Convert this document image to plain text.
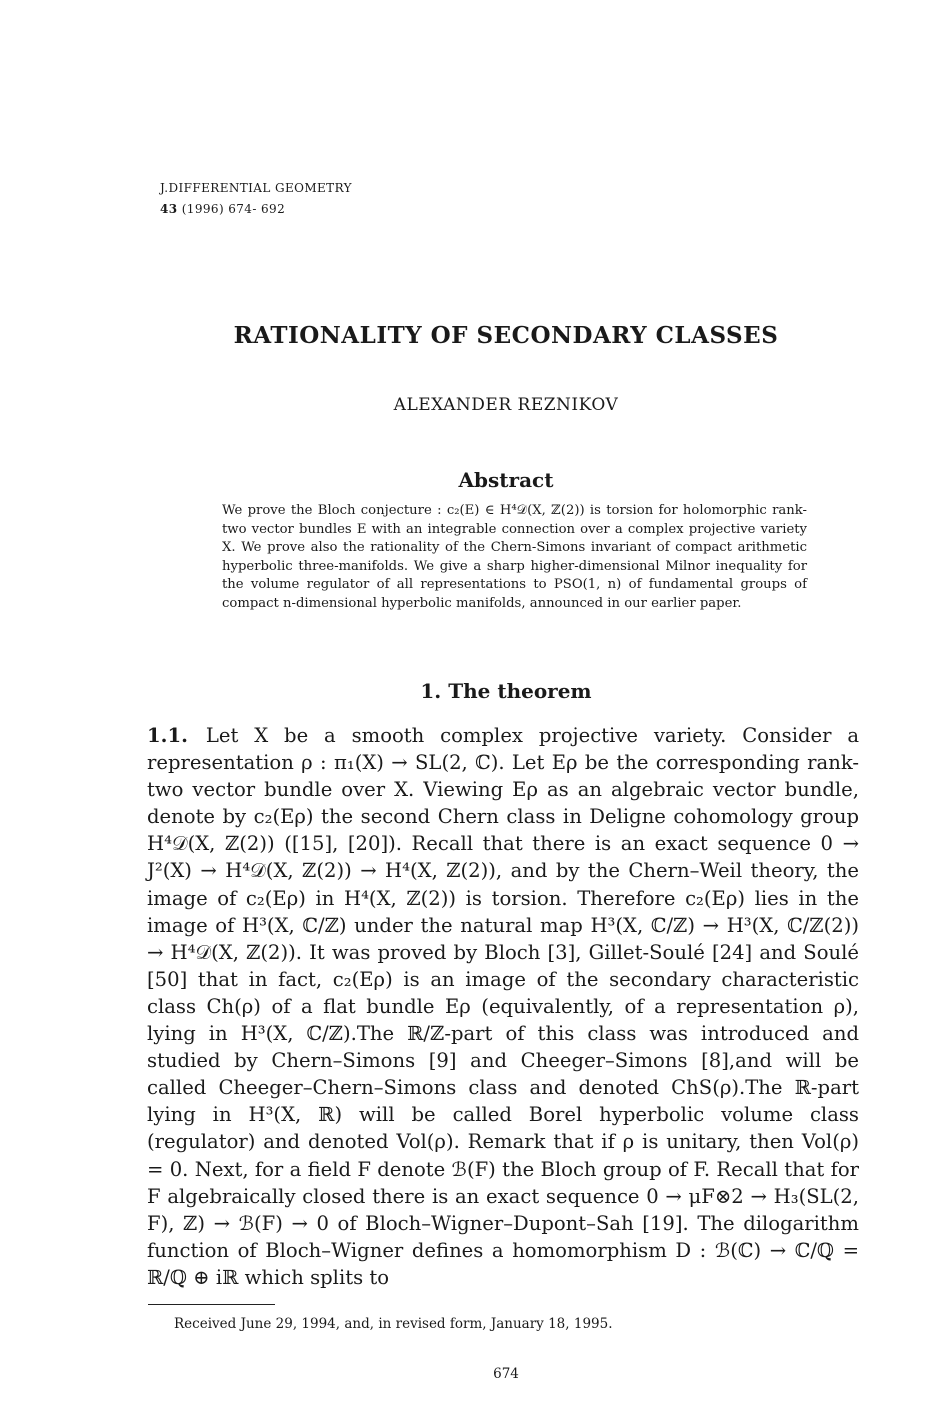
J.DIFFERENTIAL GEOMETRY
43 (1996) 674- 692
RATIONALITY OF SECONDARY CLASSES
ALEXANDER REZNIKOV
Abstract

We prove the Bloch conjecture : c₂(E) ∈ H⁴𝒟(X, ℤ(2)) is torsion for holomorphic rank-two vector bundles E with an integrable connection over a complex projective variety X. We prove also the rationality of the Chern-Simons invariant of compact arithmetic hyperbolic three-manifolds. We give a sharp higher-dimensional Milnor inequality for the volume regulator of all representations to PSO(1, n) of fundamental groups of compact n-dimensional hyperbolic manifolds, announced in our earlier paper.

1. The theorem

1.1. Let X be a smooth complex projective variety. Consider a representation ρ : π₁(X) → SL(2, ℂ). Let Eρ be the corresponding rank-two vector bundle over X. Viewing Eρ as an algebraic vector bundle, denote by c₂(Eρ) the second Chern class in Deligne cohomology group H⁴𝒟(X, ℤ(2)) ([15], [20]). Recall that there is an exact sequence 0 → J²(X) → H⁴𝒟(X, ℤ(2)) → H⁴(X, ℤ(2)), and by the Chern–Weil theory, the image of c₂(Eρ) in H⁴(X, ℤ(2)) is torsion. Therefore c₂(Eρ) lies in the image of H³(X, ℂ/ℤ) under the natural map H³(X, ℂ/ℤ) → H³(X, ℂ/ℤ(2)) → H⁴𝒟(X, ℤ(2)). It was proved by Bloch [3], Gillet-Soulé [24] and Soulé [50] that in fact, c₂(Eρ) is an image of the secondary characteristic class Ch(ρ) of a flat bundle Eρ (equivalently, of a representation ρ), lying in H³(X, ℂ/ℤ).The ℝ/ℤ-part of this class was introduced and studied by Chern–Simons [9] and Cheeger–Simons [8],and will be called Cheeger–Chern–Simons class and denoted ChS(ρ).The ℝ-part lying in H³(X, ℝ) will be called Borel hyperbolic volume class (regulator) and denoted Vol(ρ). Remark that if ρ is unitary, then Vol(ρ) = 0. Next, for a field F denote ℬ(F) the Bloch group of F. Recall that for F algebraically closed there is an exact sequence 0 → μF⊗2 → H₃(SL(2, F), ℤ) → ℬ(F) → 0 of Bloch–Wigner–Dupont–Sah [19]. The dilogarithm function of Bloch–Wigner defines a homomorphism D : ℬ(ℂ) → ℂ/ℚ = ℝ/ℚ ⊕ iℝ which splits to

Received June 29, 1994, and, in revised form, January 18, 1995.
674
